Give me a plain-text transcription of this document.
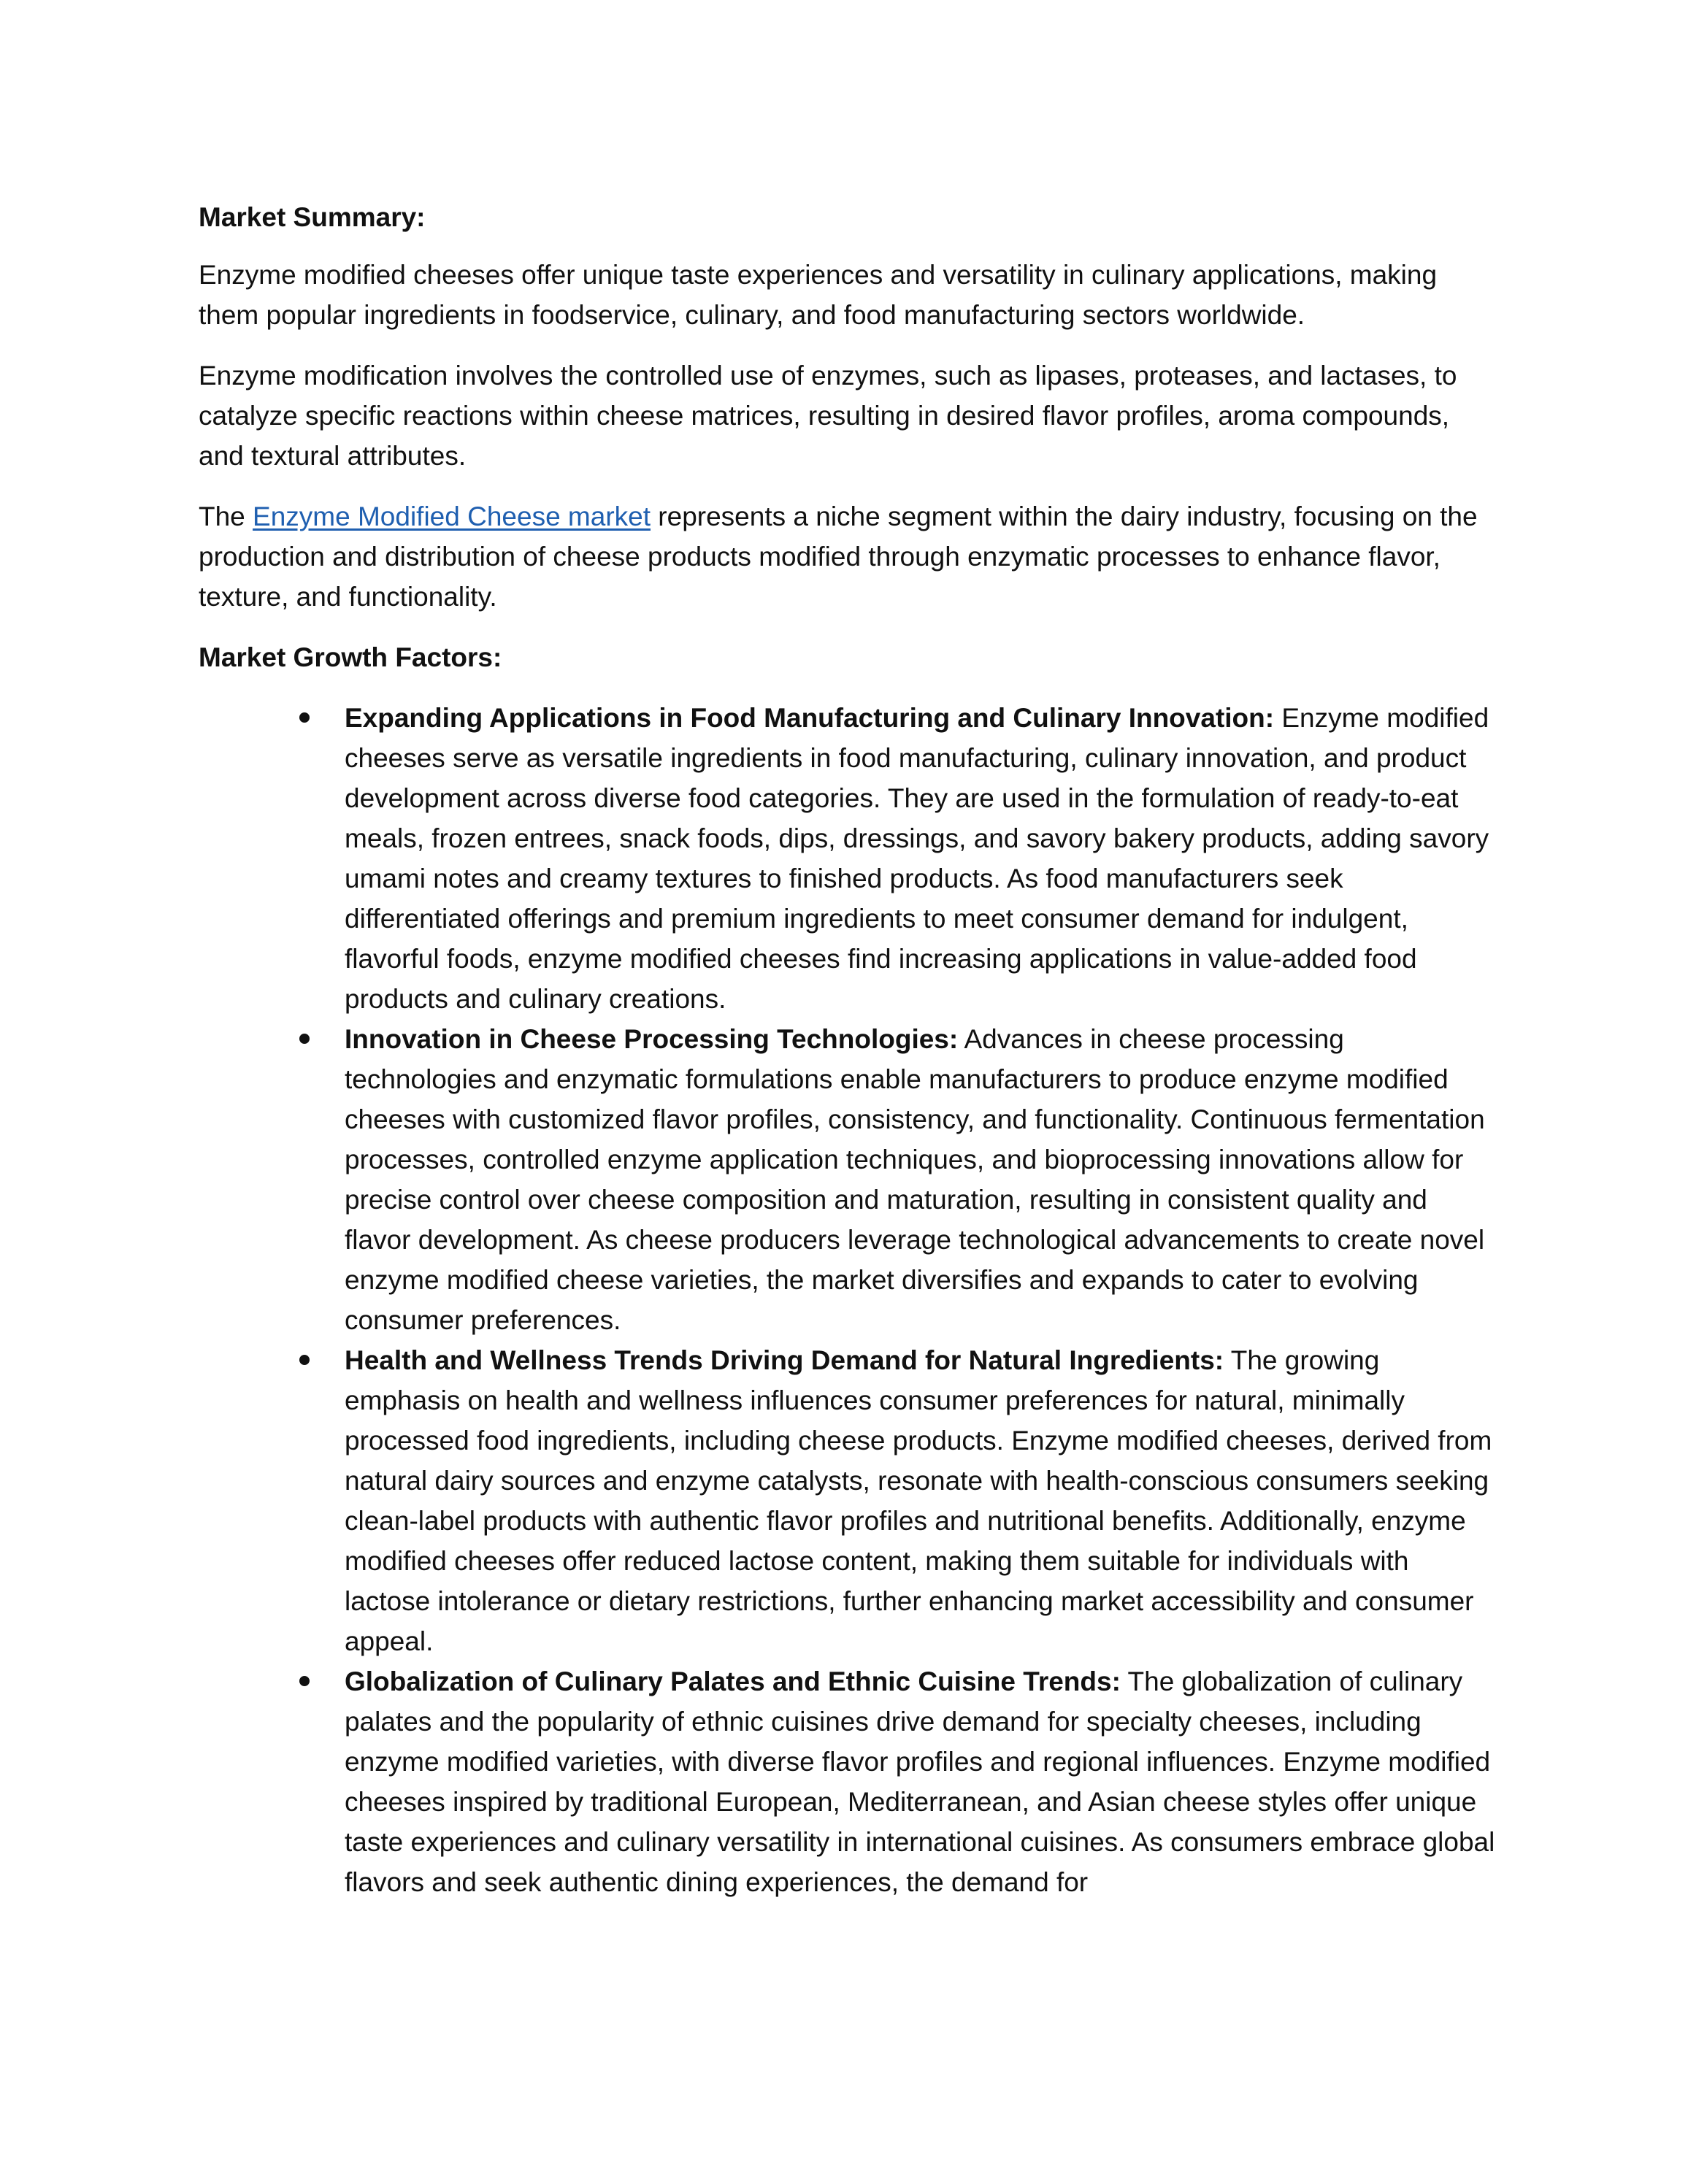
Market Summary:

Enzyme modified cheeses offer unique taste experiences and versatility in culinary applications, making them popular ingredients in foodservice, culinary, and food manufacturing sectors worldwide.

Enzyme modification involves the controlled use of enzymes, such as lipases, proteases, and lactases, to catalyze specific reactions within cheese matrices, resulting in desired flavor profiles, aroma compounds, and textural attributes.

The Enzyme Modified Cheese market represents a niche segment within the dairy industry, focusing on the production and distribution of cheese products modified through enzymatic processes to enhance flavor, texture, and functionality.

Market Growth Factors:
Expanding Applications in Food Manufacturing and Culinary Innovation: Enzyme modified cheeses serve as versatile ingredients in food manufacturing, culinary innovation, and product development across diverse food categories. They are used in the formulation of ready-to-eat meals, frozen entrees, snack foods, dips, dressings, and savory bakery products, adding savory umami notes and creamy textures to finished products. As food manufacturers seek differentiated offerings and premium ingredients to meet consumer demand for indulgent, flavorful foods, enzyme modified cheeses find increasing applications in value-added food products and culinary creations.
Innovation in Cheese Processing Technologies: Advances in cheese processing technologies and enzymatic formulations enable manufacturers to produce enzyme modified cheeses with customized flavor profiles, consistency, and functionality. Continuous fermentation processes, controlled enzyme application techniques, and bioprocessing innovations allow for precise control over cheese composition and maturation, resulting in consistent quality and flavor development. As cheese producers leverage technological advancements to create novel enzyme modified cheese varieties, the market diversifies and expands to cater to evolving consumer preferences.
Health and Wellness Trends Driving Demand for Natural Ingredients: The growing emphasis on health and wellness influences consumer preferences for natural, minimally processed food ingredients, including cheese products. Enzyme modified cheeses, derived from natural dairy sources and enzyme catalysts, resonate with health-conscious consumers seeking clean-label products with authentic flavor profiles and nutritional benefits. Additionally, enzyme modified cheeses offer reduced lactose content, making them suitable for individuals with lactose intolerance or dietary restrictions, further enhancing market accessibility and consumer appeal.
Globalization of Culinary Palates and Ethnic Cuisine Trends: The globalization of culinary palates and the popularity of ethnic cuisines drive demand for specialty cheeses, including enzyme modified varieties, with diverse flavor profiles and regional influences. Enzyme modified cheeses inspired by traditional European, Mediterranean, and Asian cheese styles offer unique taste experiences and culinary versatility in international cuisines. As consumers embrace global flavors and seek authentic dining experiences, the demand for
